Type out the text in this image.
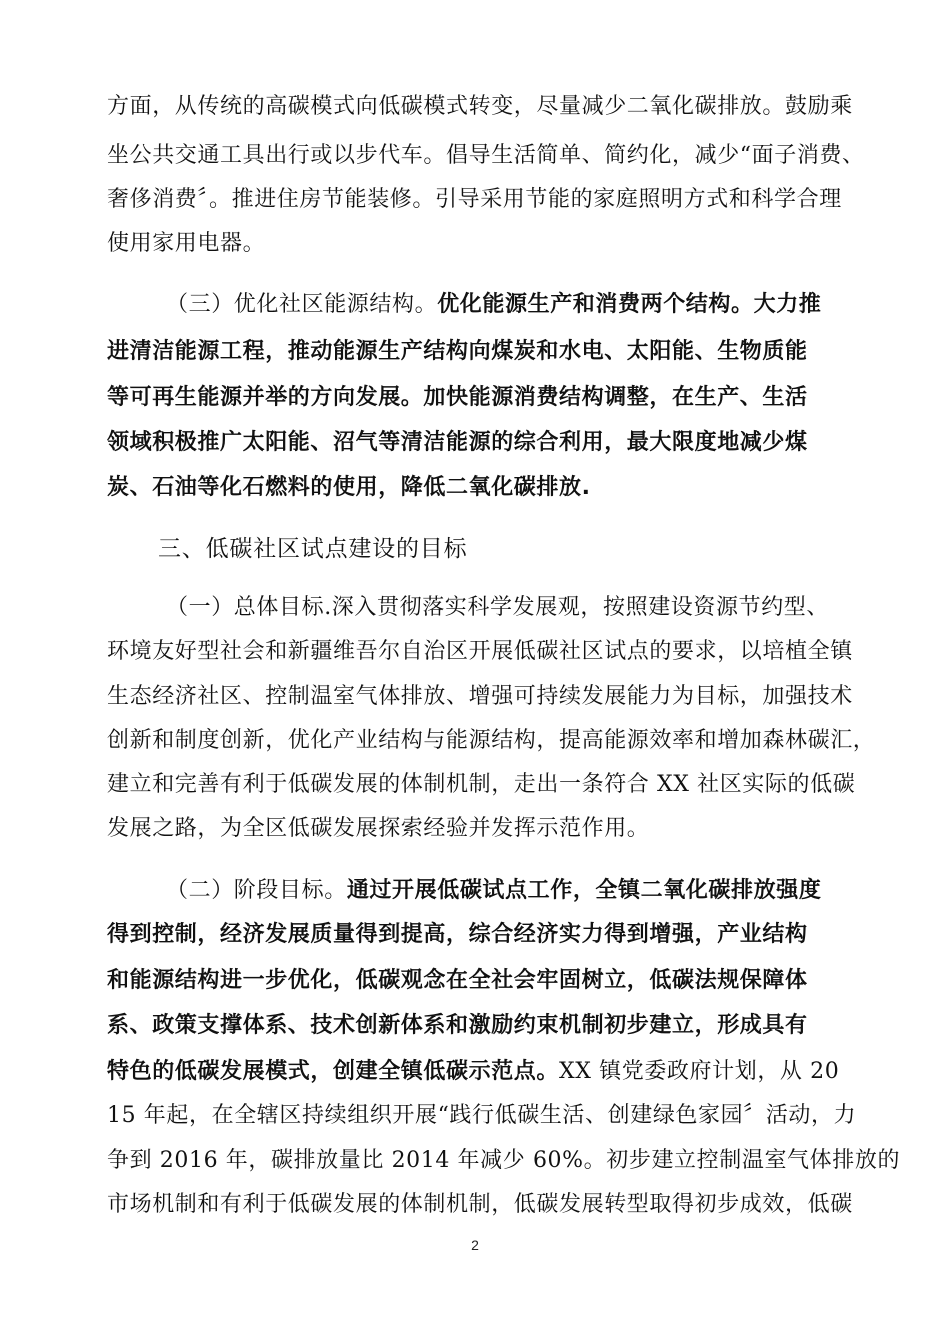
方面，从传统的高碳模式向低碳模式转变，尽量减少二氧化碳排放。鼓励乘
坐公共交通工具出行或以步代车。倡导生活简单、简约化，减少“面子消费、
奢侈消费〞。推进住房节能装修。引导采用节能的家庭照明方式和科学合理
使用家用电器。
（三）优化社区能源结构。优化能源生产和消费两个结构。大力推
进清洁能源工程，推动能源生产结构向煤炭和水电、太阳能、生物质能
等可再生能源并举的方向发展。加快能源消费结构调整，在生产、生活
领域积极推广太阳能、沼气等清洁能源的综合利用，最大限度地减少煤
炭、石油等化石燃料的使用，降低二氧化碳排放.
三、低碳社区试点建设的目标
（一）总体目标.深入贯彻落实科学发展观，按照建设资源节约型、
环境友好型社会和新疆维吾尔自治区开展低碳社区试点的要求，以培植全镇
生态经济社区、控制温室气体排放、增强可持续发展能力为目标，加强技术
创新和制度创新，优化产业结构与能源结构，提高能源效率和增加森林碳汇，
建立和完善有利于低碳发展的体制机制，走出一条符合 XX 社区实际的低碳
发展之路，为全区低碳发展探索经验并发挥示范作用。
（二）阶段目标。通过开展低碳试点工作，全镇二氧化碳排放强度
得到控制，经济发展质量得到提高，综合经济实力得到增强，产业结构
和能源结构进一步优化，低碳观念在全社会牢固树立，低碳法规保障体
系、政策支撑体系、技术创新体系和激励约束机制初步建立，形成具有
特色的低碳发展模式，创建全镇低碳示范点。XX 镇党委政府计划，从 20
15 年起，在全辖区持续组织开展“践行低碳生活、创建绿色家园〞活动，力
争到 2016 年，碳排放量比 2014 年减少 60%。初步建立控制温室气体排放的
市场机制和有利于低碳发展的体制机制，低碳发展转型取得初步成效，低碳
2
